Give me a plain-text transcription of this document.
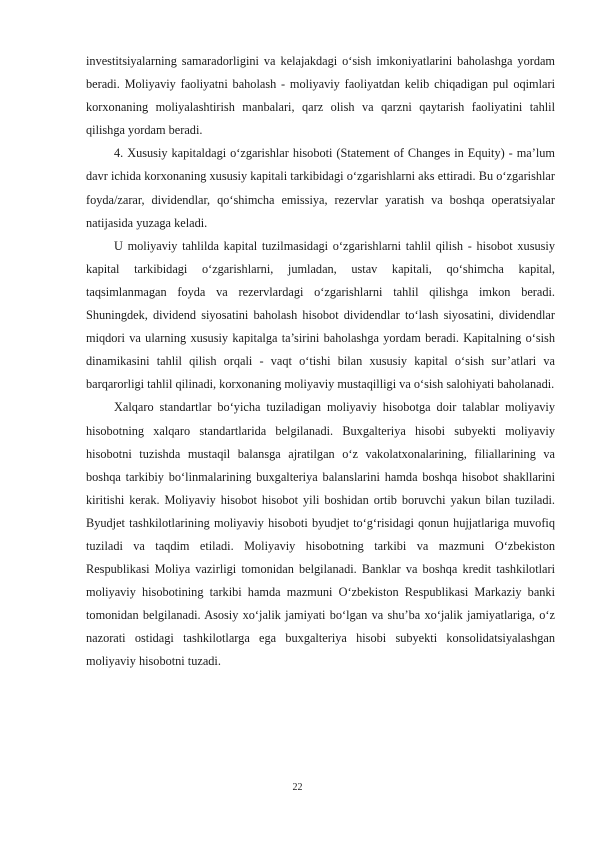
investitsiyalarning samaradorligini va kelajakdagi o‘sish imkoniyatlarini baholashga yordam beradi. Moliyaviy faoliyatni baholash - moliyaviy faoliyatdan kelib chiqadigan pul oqimlari korxonaning moliyalashtirish manbalari, qarz olish va qarzni qaytarish faoliyatini tahlil qilishga yordam beradi.

4. Xususiy kapitaldagi o‘zgarishlar hisoboti (Statement of Changes in Equity) - ma’lum davr ichida korxonaning xususiy kapitali tarkibidagi o‘zgarishlarni aks ettiradi. Bu o‘zgarishlar foyda/zarar, dividendlar, qo‘shimcha emissiya, rezervlar yaratish va boshqa operatsiyalar natijasida yuzaga keladi.

U moliyaviy tahlilda kapital tuzilmasidagi o‘zgarishlarni tahlil qilish - hisobot xususiy kapital tarkibidagi o‘zgarishlarni, jumladan, ustav kapitali, qo‘shimcha kapital, taqsimlanmagan foyda va rezervlardagi o‘zgarishlarni tahlil qilishga imkon beradi. Shuningdek, dividend siyosatini baholash hisobot dividendlar to‘lash siyosatini, dividendlar miqdori va ularning xususiy kapitalga ta’sirini baholashga yordam beradi. Kapitalning o‘sish dinamikasini tahlil qilish orqali - vaqt o‘tishi bilan xususiy kapital o‘sish sur’atlari va barqarorligi tahlil qilinadi, korxonaning moliyaviy mustaqilligi va o‘sish salohiyati baholanadi.

Xalqaro standartlar bo‘yicha tuziladigan moliyaviy hisobotga doir talablar moliyaviy hisobotning xalqaro standartlarida belgilanadi. Buxgalteriya hisobi subyekti moliyaviy hisobotni tuzishda mustaqil balansga ajratilgan o‘z vakolatxonalarining, filiallarining va boshqa tarkibiy bo‘linmalarining buxgalteriya balanslarini hamda boshqa hisobot shakllarini kiritishi kerak. Moliyaviy hisobot hisobot yili boshidan ortib boruvchi yakun bilan tuziladi. Byudjet tashkilotlarining moliyaviy hisoboti byudjet to‘g‘risidagi qonun hujjatlariga muvofiq tuziladi va taqdim etiladi. Moliyaviy hisobotning tarkibi va mazmuni O‘zbekiston Respublikasi Moliya vazirligi tomonidan belgilanadi. Banklar va boshqa kredit tashkilotlari moliyaviy hisobotining tarkibi hamda mazmuni O‘zbekiston Respublikasi Markaziy banki tomonidan belgilanadi. Asosiy xo‘jalik jamiyati bo‘lgan va shu’ba xo‘jalik jamiyatlariga, o‘z nazorati ostidagi tashkilotlarga ega buxgalteriya hisobi subyekti konsolidatsiyalashgan moliyaviy hisobotni tuzadi.

22
